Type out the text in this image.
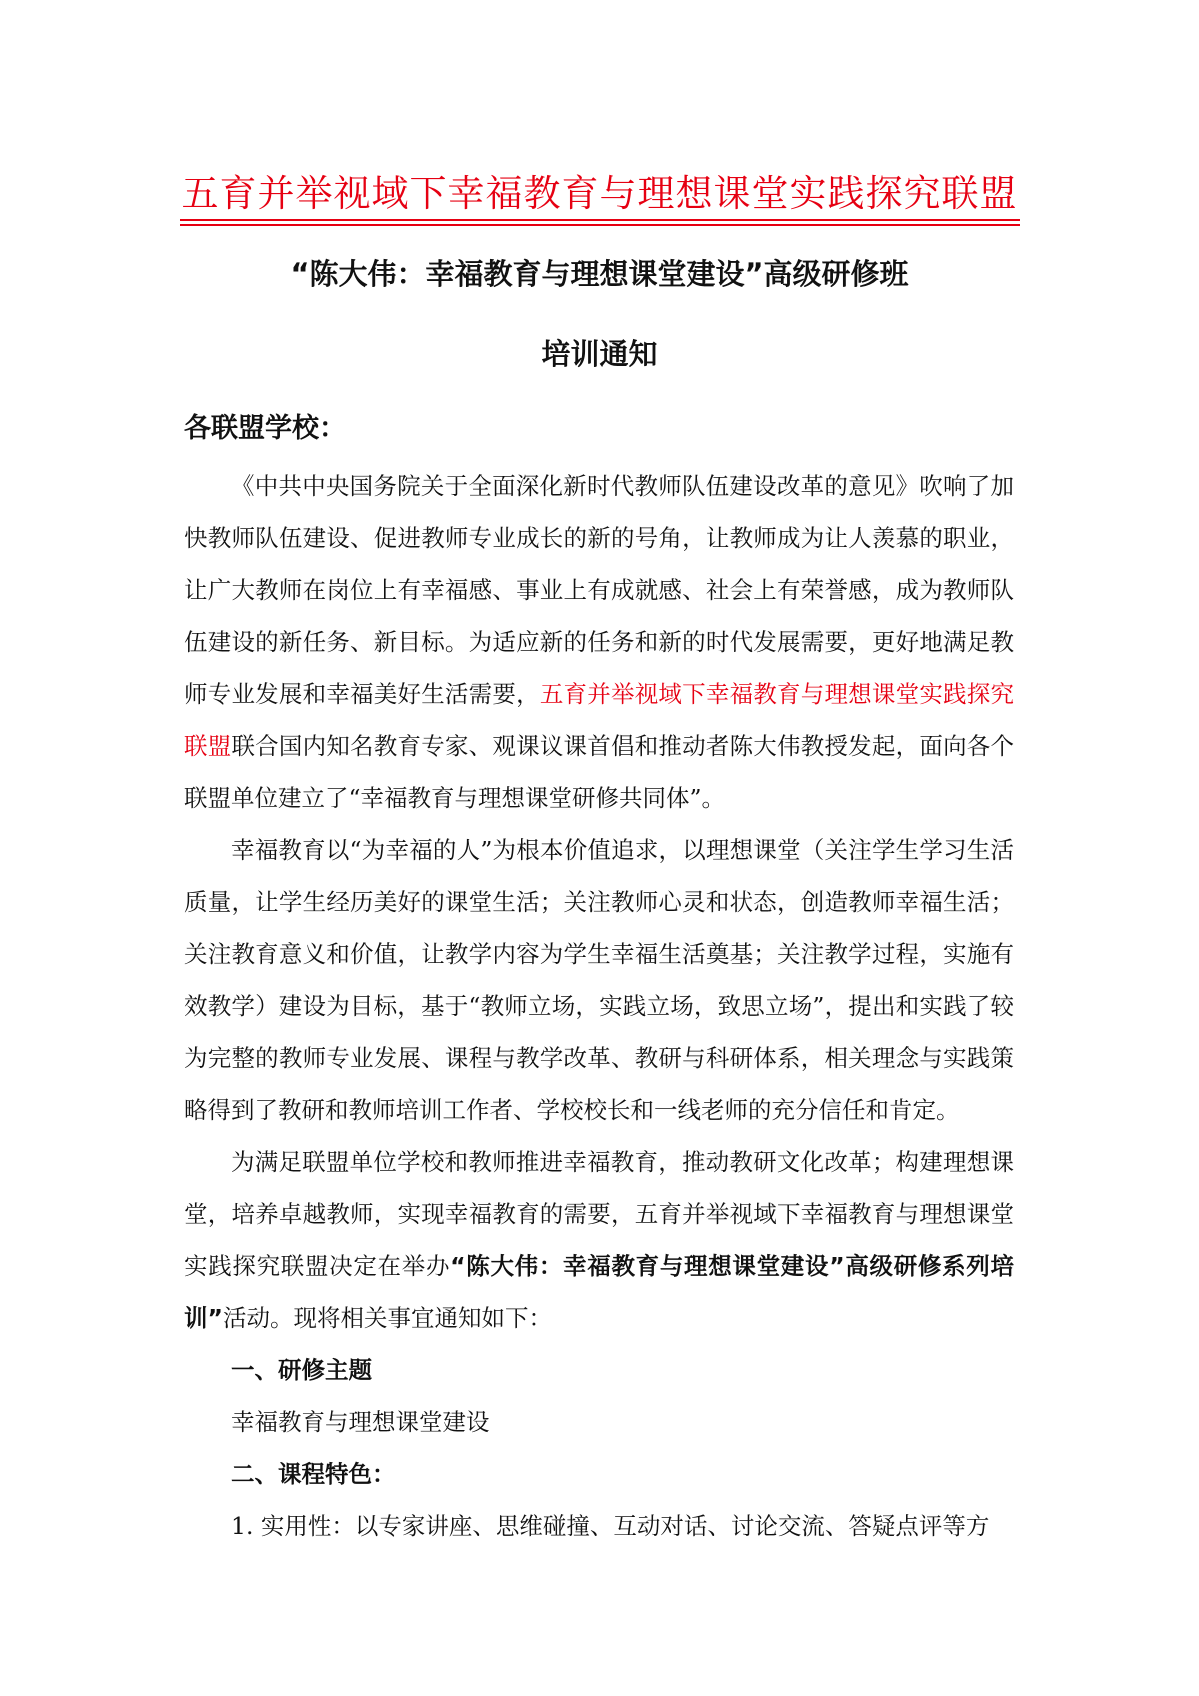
五育并举视域下幸福教育与理想课堂实践探究联盟
“陈大伟：幸福教育与理想课堂建设”高级研修班
培训通知

各联盟学校：

《中共中央国务院关于全面深化新时代教师队伍建设改革的意见》吹响了加快教师队伍建设、促进教师专业成长的新的号角，让教师成为让人羡慕的职业，让广大教师在岗位上有幸福感、事业上有成就感、社会上有荣誉感，成为教师队伍建设的新任务、新目标。为适应新的任务和新的时代发展需要，更好地满足教师专业发展和幸福美好生活需要，五育并举视域下幸福教育与理想课堂实践探究联盟联合国内知名教育专家、观课议课首倡和推动者陈大伟教授发起，面向各个联盟单位建立了“幸福教育与理想课堂研修共同体”。

幸福教育以“为幸福的人”为根本价值追求，以理想课堂（关注学生学习生活质量，让学生经历美好的课堂生活；关注教师心灵和状态，创造教师幸福生活；关注教育意义和价值，让教学内容为学生幸福生活奠基；关注教学过程，实施有效教学）建设为目标，基于“教师立场，实践立场，致思立场”，提出和实践了较为完整的教师专业发展、课程与教学改革、教研与科研体系，相关理念与实践策略得到了教研和教师培训工作者、学校校长和一线老师的充分信任和肯定。

为满足联盟单位学校和教师推进幸福教育，推动教研文化改革；构建理想课堂，培养卓越教师，实现幸福教育的需要，五育并举视域下幸福教育与理想课堂实践探究联盟决定在举办“陈大伟：幸福教育与理想课堂建设”高级研修系列培训”活动。现将相关事宜通知如下：

一、研修主题

幸福教育与理想课堂建设

二、课程特色：

1. 实用性：以专家讲座、思维碰撞、互动对话、讨论交流、答疑点评等方
